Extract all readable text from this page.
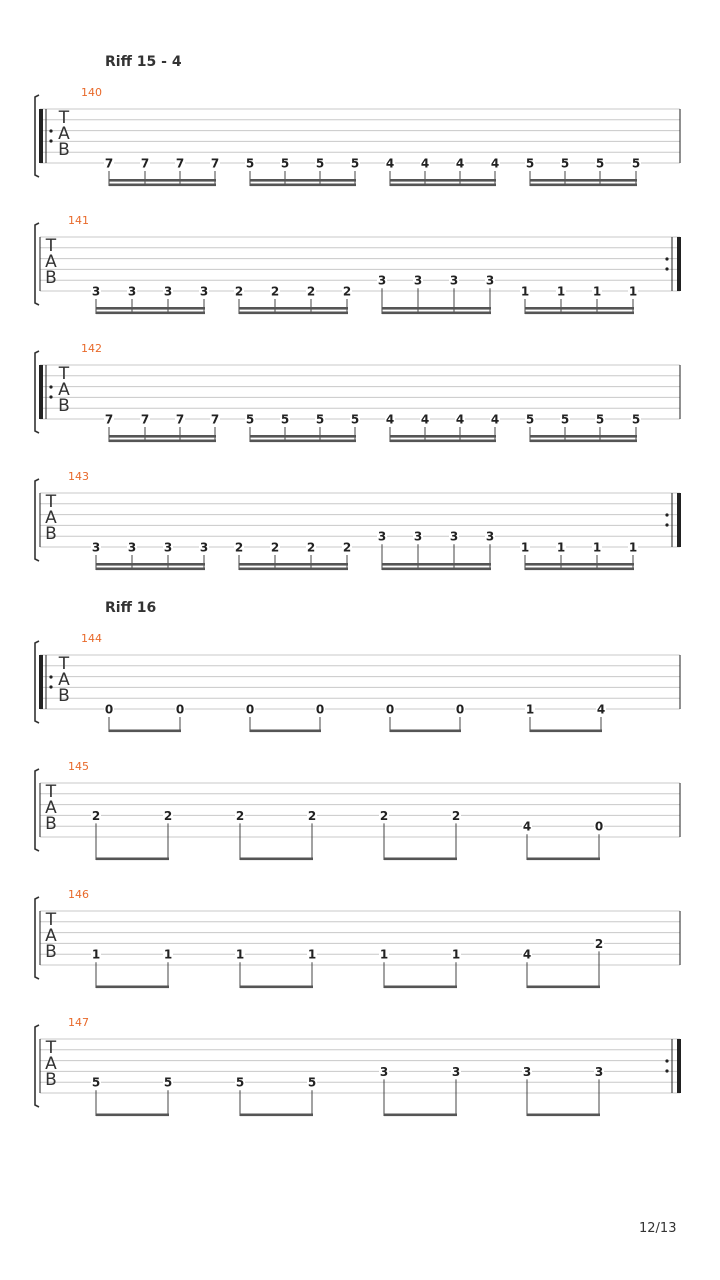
Riff 15 - 4
Riff 16
T
A
B
140
7 7 7 7 5 5 5 5 4 4 4 4 5 5 5 5
T
A
B
141
3 3 3 3 2 2 2 2
3 3 3 3
1 1 1 1
T
A
B
142
7 7 7 7 5 5 5 5 4 4 4 4 5 5 5 5
T
A
B
143
3 3 3 3 2 2 2 2
3 3 3 3
1 1 1 1
T
A
B
144
0	0	0	0	0	0	1	4
T
A
B
145
2	2	2	2	2	2
4	0
T
A
B
146
1	1	1	1	1	1	4
2
T
A
B
147
5	5	5	5
3	3	3	3
12/13
